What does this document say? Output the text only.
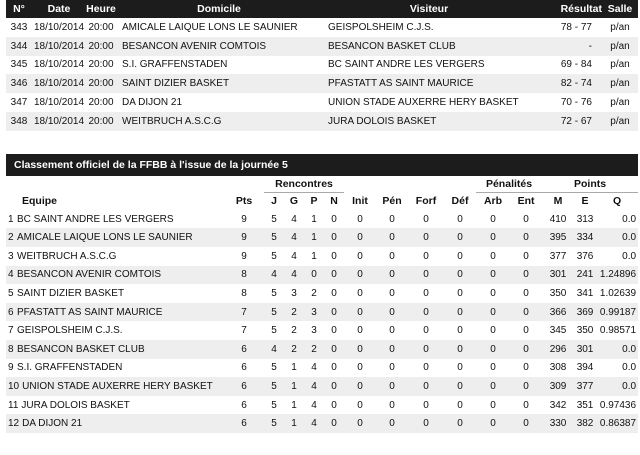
N°	Date	Heure	Domicile	Visiteur	Résultat	Salle
343	18/10/2014	20:00	AMICALE LAIQUE LONS LE SAUNIER	GEISPOLSHEIM C.J.S.	78 - 77	p/an
344	18/10/2014	20:00	BESANCON AVENIR COMTOIS	BESANCON BASKET CLUB	-	p/an
345	18/10/2014	20:00	S.I. GRAFFENSTADEN	BC SAINT ANDRE LES VERGERS	69 - 84	p/an
346	18/10/2014	20:00	SAINT DIZIER BASKET	PFASTATT AS SAINT MAURICE	82 - 74	p/an
347	18/10/2014	20:00	DA DIJON 21	UNION STADE AUXERRE HERY BASKET	70 - 76	p/an
348	18/10/2014	20:00	WEITBRUCH A.S.C.G	JURA DOLOIS BASKET	72 - 67	p/an
Classement officiel de la FFBB à l'issue de la journée 5
		Rencontres								Pénalités		Points		
Equipe	Pts	J	G	P	N	Init	Pén	Forf	Déf	Arb	Ent	M	E	Q
1 BC SAINT ANDRE LES VERGERS	9	5	4	1	0	0	0	0	0	0	0	410	313	0.0
2 AMICALE LAIQUE LONS LE SAUNIER	9	5	4	1	0	0	0	0	0	0	0	395	334	0.0
3 WEITBRUCH A.S.C.G	9	5	4	1	0	0	0	0	0	0	0	377	376	0.0
4 BESANCON AVENIR COMTOIS	8	4	4	0	0	0	0	0	0	0	0	301	241	1.24896
5 SAINT DIZIER BASKET	8	5	3	2	0	0	0	0	0	0	0	350	341	1.02639
6 PFASTATT AS SAINT MAURICE	7	5	2	3	0	0	0	0	0	0	0	366	369	0.99187
7 GEISPOLSHEIM C.J.S.	7	5	2	3	0	0	0	0	0	0	0	345	350	0.98571
8 BESANCON BASKET CLUB	6	4	2	2	0	0	0	0	0	0	0	296	301	0.0
9 S.I. GRAFFENSTADEN	6	5	1	4	0	0	0	0	0	0	0	308	394	0.0
10 UNION STADE AUXERRE HERY BASKET	6	5	1	4	0	0	0	0	0	0	0	309	377	0.0
11 JURA DOLOIS BASKET	6	5	1	4	0	0	0	0	0	0	0	342	351	0.97436
12 DA DIJON 21	6	5	1	4	0	0	0	0	0	0	0	330	382	0.86387
